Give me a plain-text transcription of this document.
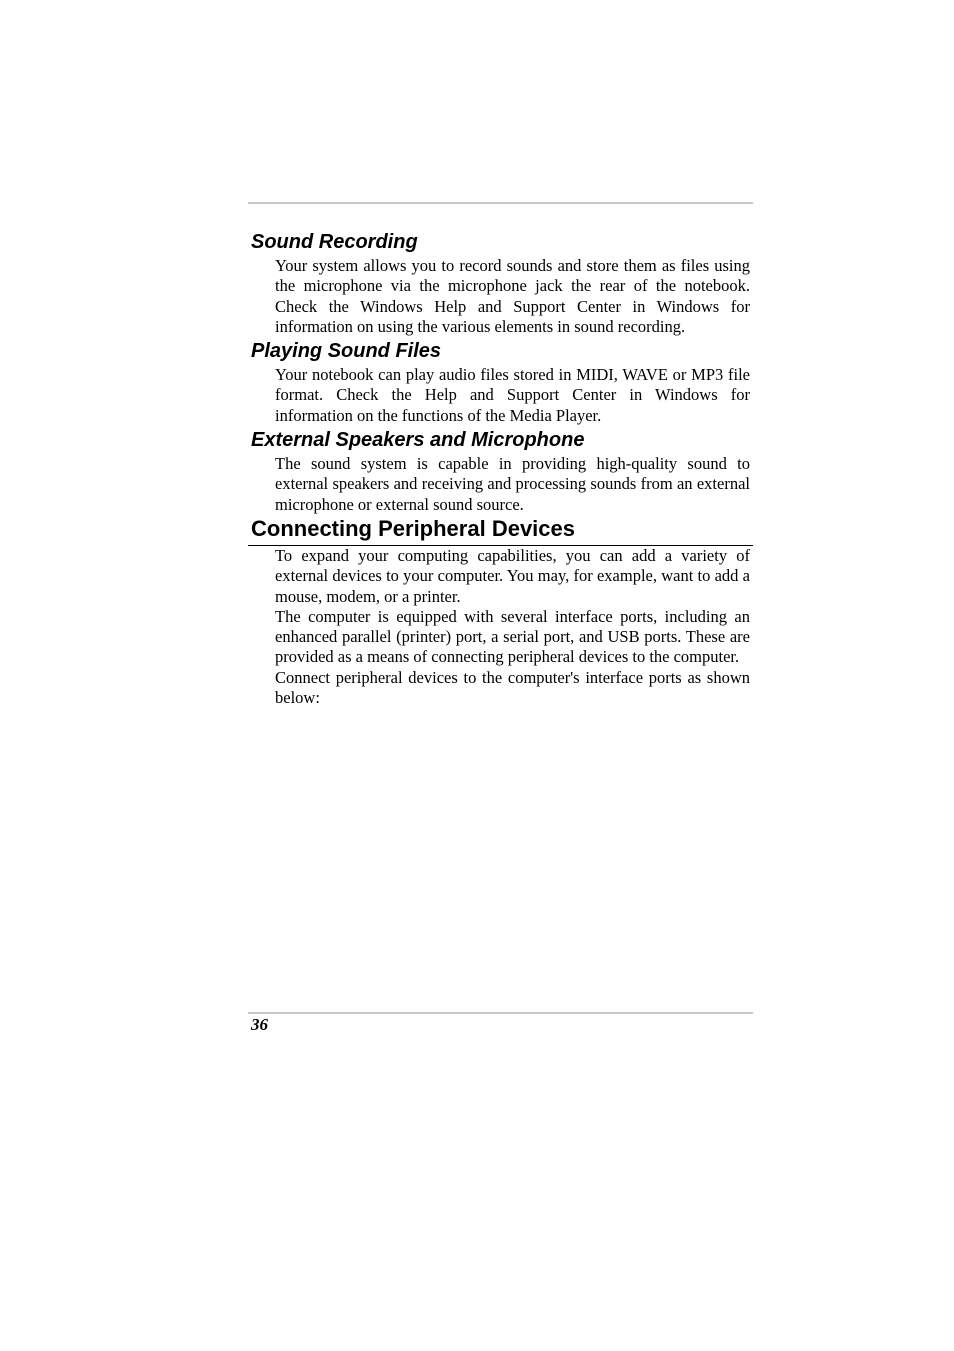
Sound Recording

Your system allows you to record sounds and store them as files using the microphone via the microphone jack the rear of the notebook. Check the Windows Help and Support Center in Windows for information on using the various elements in sound recording.

Playing Sound Files

Your notebook can play audio files stored in MIDI, WAVE or MP3 file format. Check the Help and Support Center in Windows for information on the functions of the Media Player.

External Speakers and Microphone

The sound system is capable in providing high-quality sound to external speakers and receiving and processing sounds from an external microphone or external sound source.

Connecting Peripheral Devices

To expand your computing capabilities, you can add a variety of external devices to your computer. You may, for example, want to add a mouse, modem, or a printer.

The computer is equipped with several interface ports, including an enhanced parallel (printer) port, a serial port, and USB ports. These are provided as a means of connecting peripheral devices to the computer.

Connect peripheral devices to the computer's interface ports as shown below:

36
